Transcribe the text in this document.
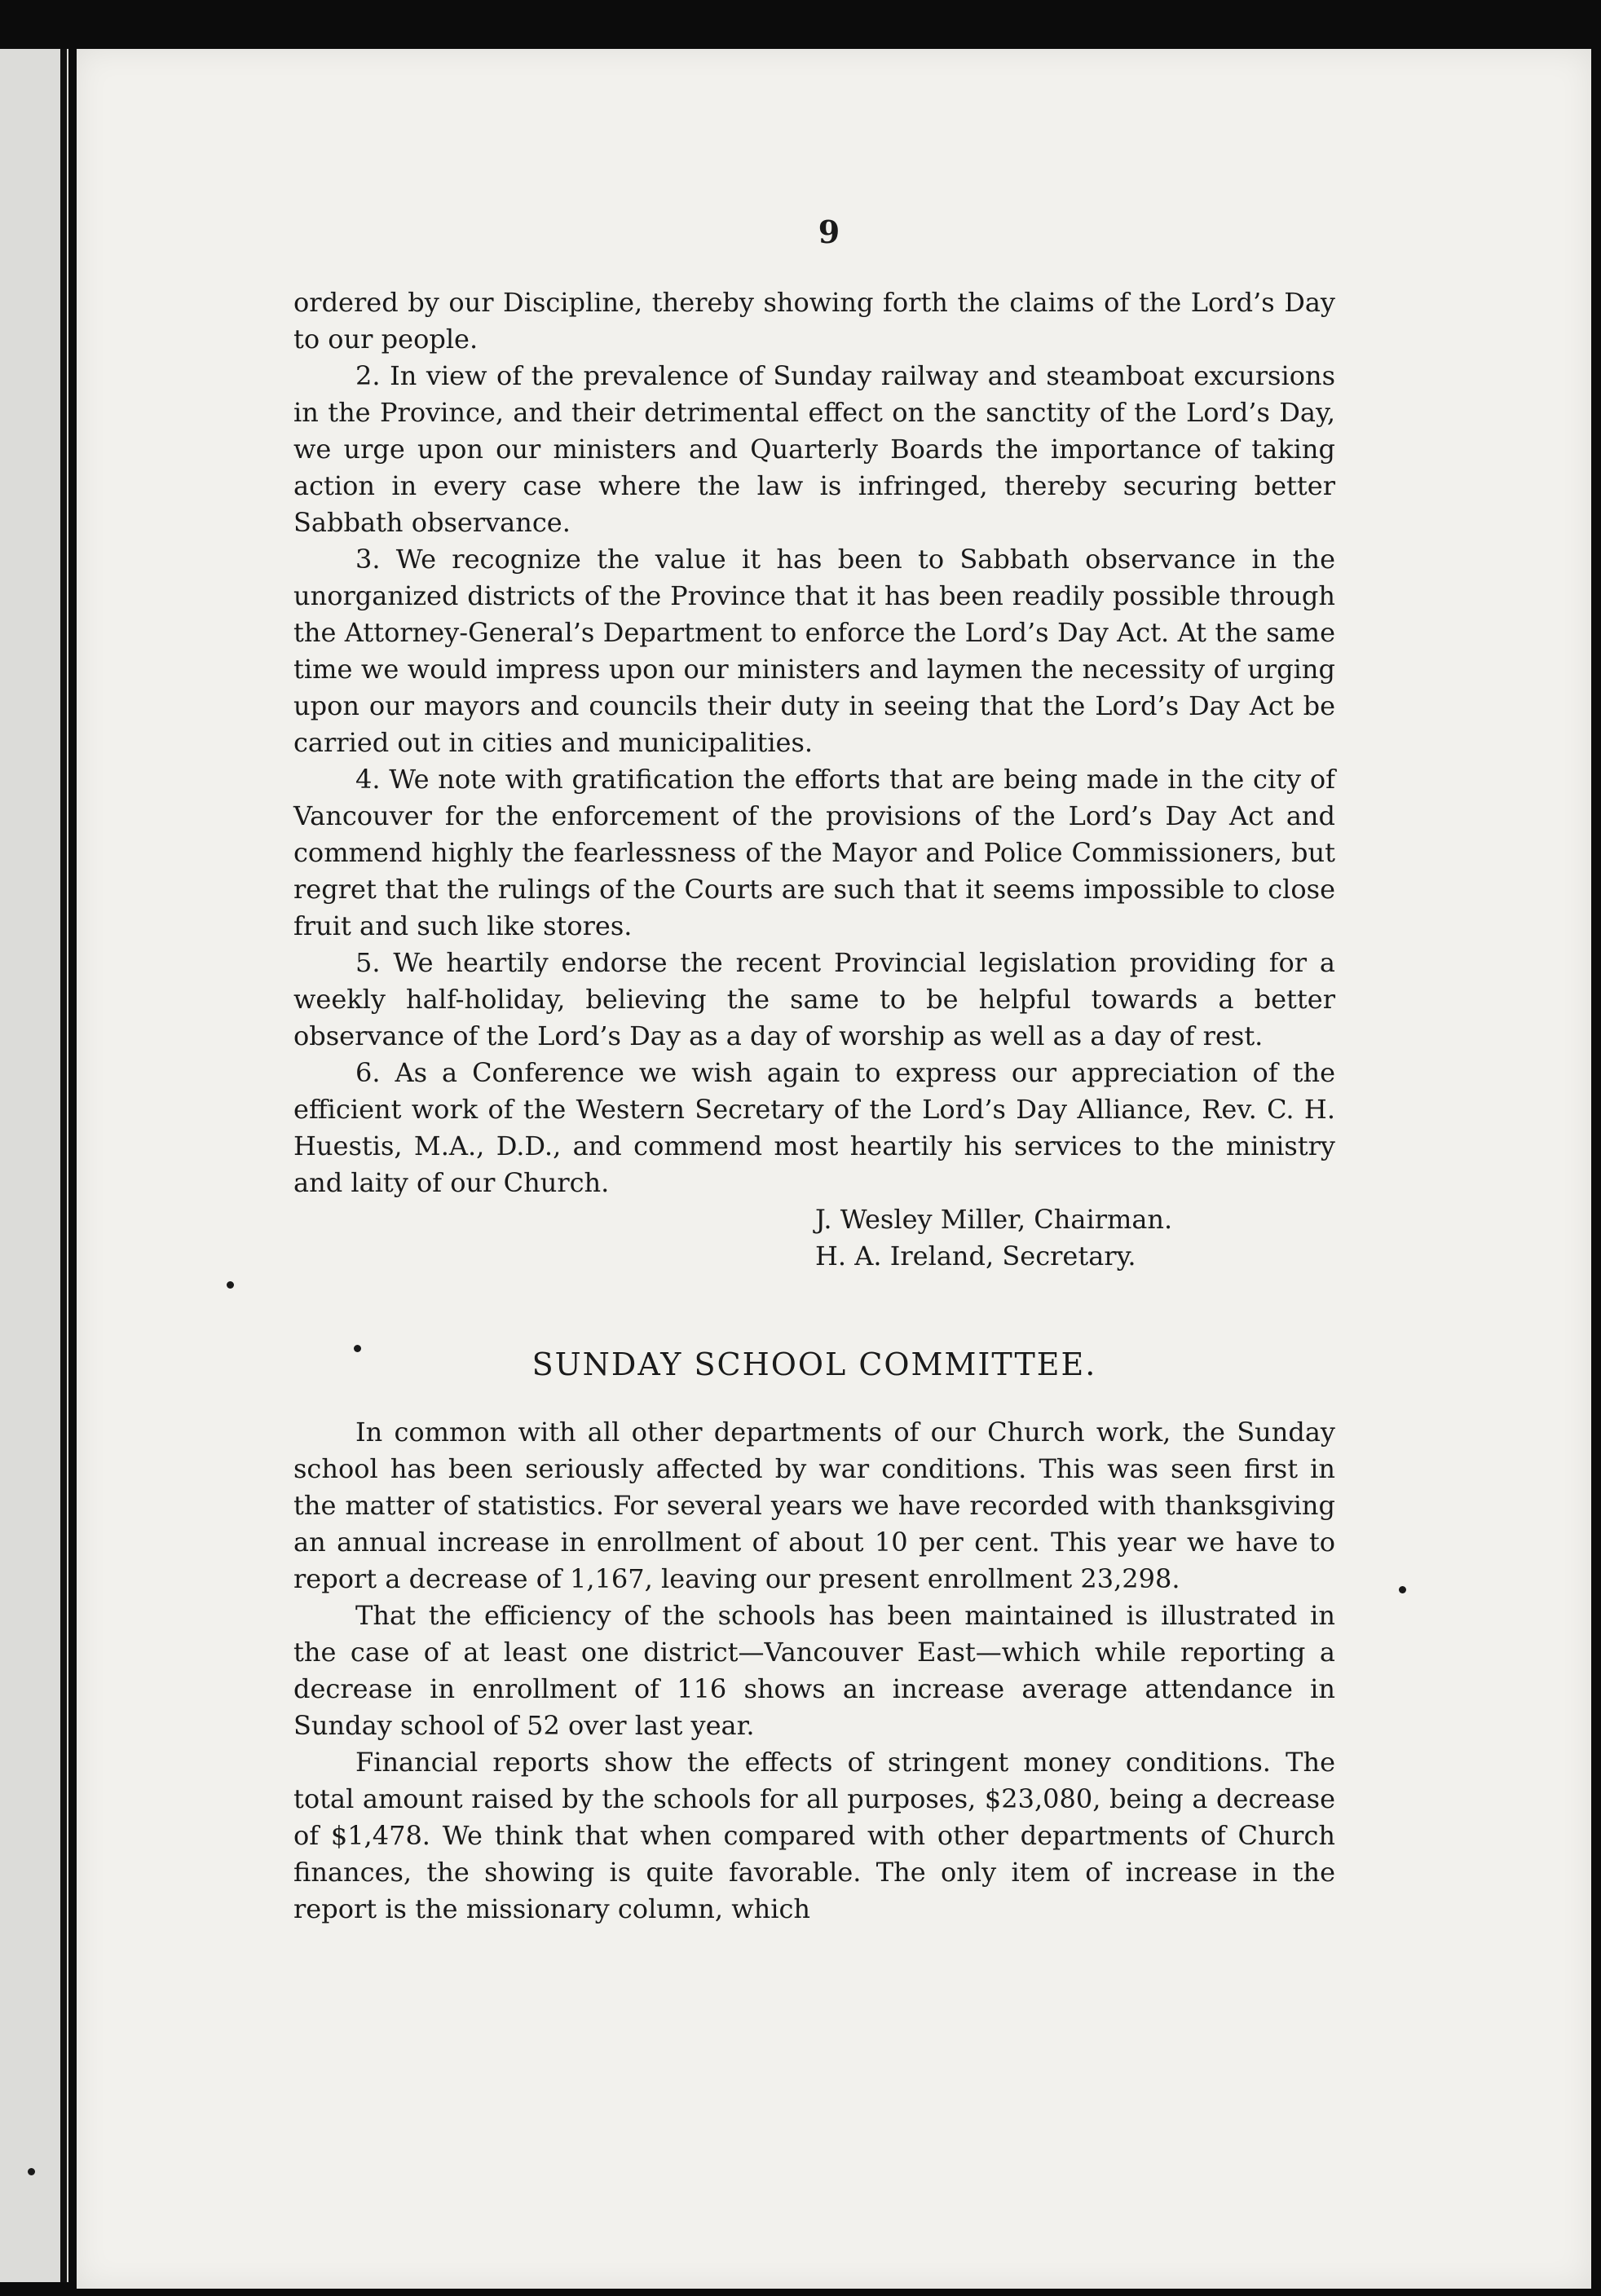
9

ordered by our Discipline, thereby showing forth the claims of the Lord’s Day to our people.

2. In view of the prevalence of Sunday railway and steamboat excursions in the Province, and their detrimental effect on the sanctity of the Lord’s Day, we urge upon our ministers and Quarterly Boards the importance of taking action in every case where the law is infringed, thereby securing better Sabbath observance.

3. We recognize the value it has been to Sabbath observance in the unorganized districts of the Province that it has been readily possible through the Attorney-General’s Department to enforce the Lord’s Day Act. At the same time we would impress upon our ministers and laymen the necessity of urging upon our mayors and councils their duty in seeing that the Lord’s Day Act be carried out in cities and municipalities.

4. We note with gratification the efforts that are being made in the city of Vancouver for the enforcement of the provisions of the Lord’s Day Act and commend highly the fearlessness of the Mayor and Police Commissioners, but regret that the rulings of the Courts are such that it seems impossible to close fruit and such like stores.

5. We heartily endorse the recent Provincial legislation providing for a weekly half-holiday, believing the same to be helpful towards a better observance of the Lord’s Day as a day of worship as well as a day of rest.

6. As a Conference we wish again to express our appreciation of the efficient work of the Western Secretary of the Lord’s Day Alliance, Rev. C. H. Huestis, M.A., D.D., and commend most heartily his services to the ministry and laity of our Church.

J. Wesley Miller, Chairman.
H. A. Ireland, Secretary.
SUNDAY SCHOOL COMMITTEE.

In common with all other departments of our Church work, the Sunday school has been seriously affected by war conditions. This was seen first in the matter of statistics. For several years we have recorded with thanksgiving an annual increase in enrollment of about 10 per cent. This year we have to report a decrease of 1,167, leaving our present enrollment 23,298.

That the efficiency of the schools has been maintained is illustrated in the case of at least one district—Vancouver East—which while reporting a decrease in enrollment of 116 shows an increase average attendance in Sunday school of 52 over last year.

Financial reports show the effects of stringent money conditions. The total amount raised by the schools for all purposes, $23,080, being a decrease of $1,478. We think that when compared with other departments of Church finances, the showing is quite favorable. The only item of increase in the report is the missionary column, which
